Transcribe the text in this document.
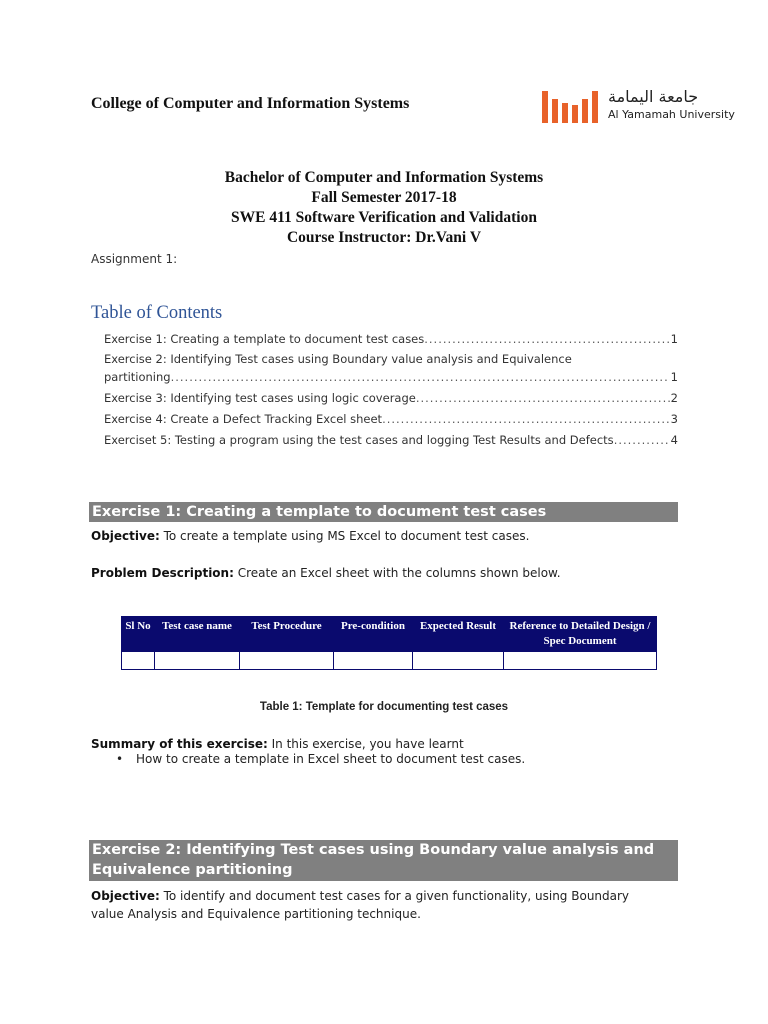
College of Computer and Information Systems	جامعة اليمامة
Al Yamamah University
Bachelor of Computer and Information Systems
Fall Semester 2017-18
SWE 411 Software Verification and Validation
Course Instructor: Dr.Vani V
Assignment 1:
Table of Contents
Exercise 1: Creating a template to document test cases .....	1
Exercise 2: Identifying Test cases using Boundary value analysis and Equivalence
partitioning .....	1
Exercise 3: Identifying test cases using logic coverage .....	2
Exercise 4: Create a Defect Tracking Excel sheet .....	3
Exerciset 5: Testing a program using the test cases and logging Test Results and Defects .....	4
Exercise 1: Creating a template to document test cases
Objective: To create a template using MS Excel to document test cases.
Problem Description: Create an Excel sheet with the columns shown below.
Sl No	Test case name	Test Procedure	Pre-condition	Expected Result	Reference to Detailed Design / Spec Document

Table 1: Template for documenting test cases
Summary of this exercise: In this exercise, you have learnt
• How to create a template in Excel sheet to document test cases.
Exercise 2: Identifying Test cases using Boundary value analysis and
Equivalence partitioning
Objective: To identify and document test cases for a given functionality, using Boundary value Analysis and Equivalence partitioning technique.
